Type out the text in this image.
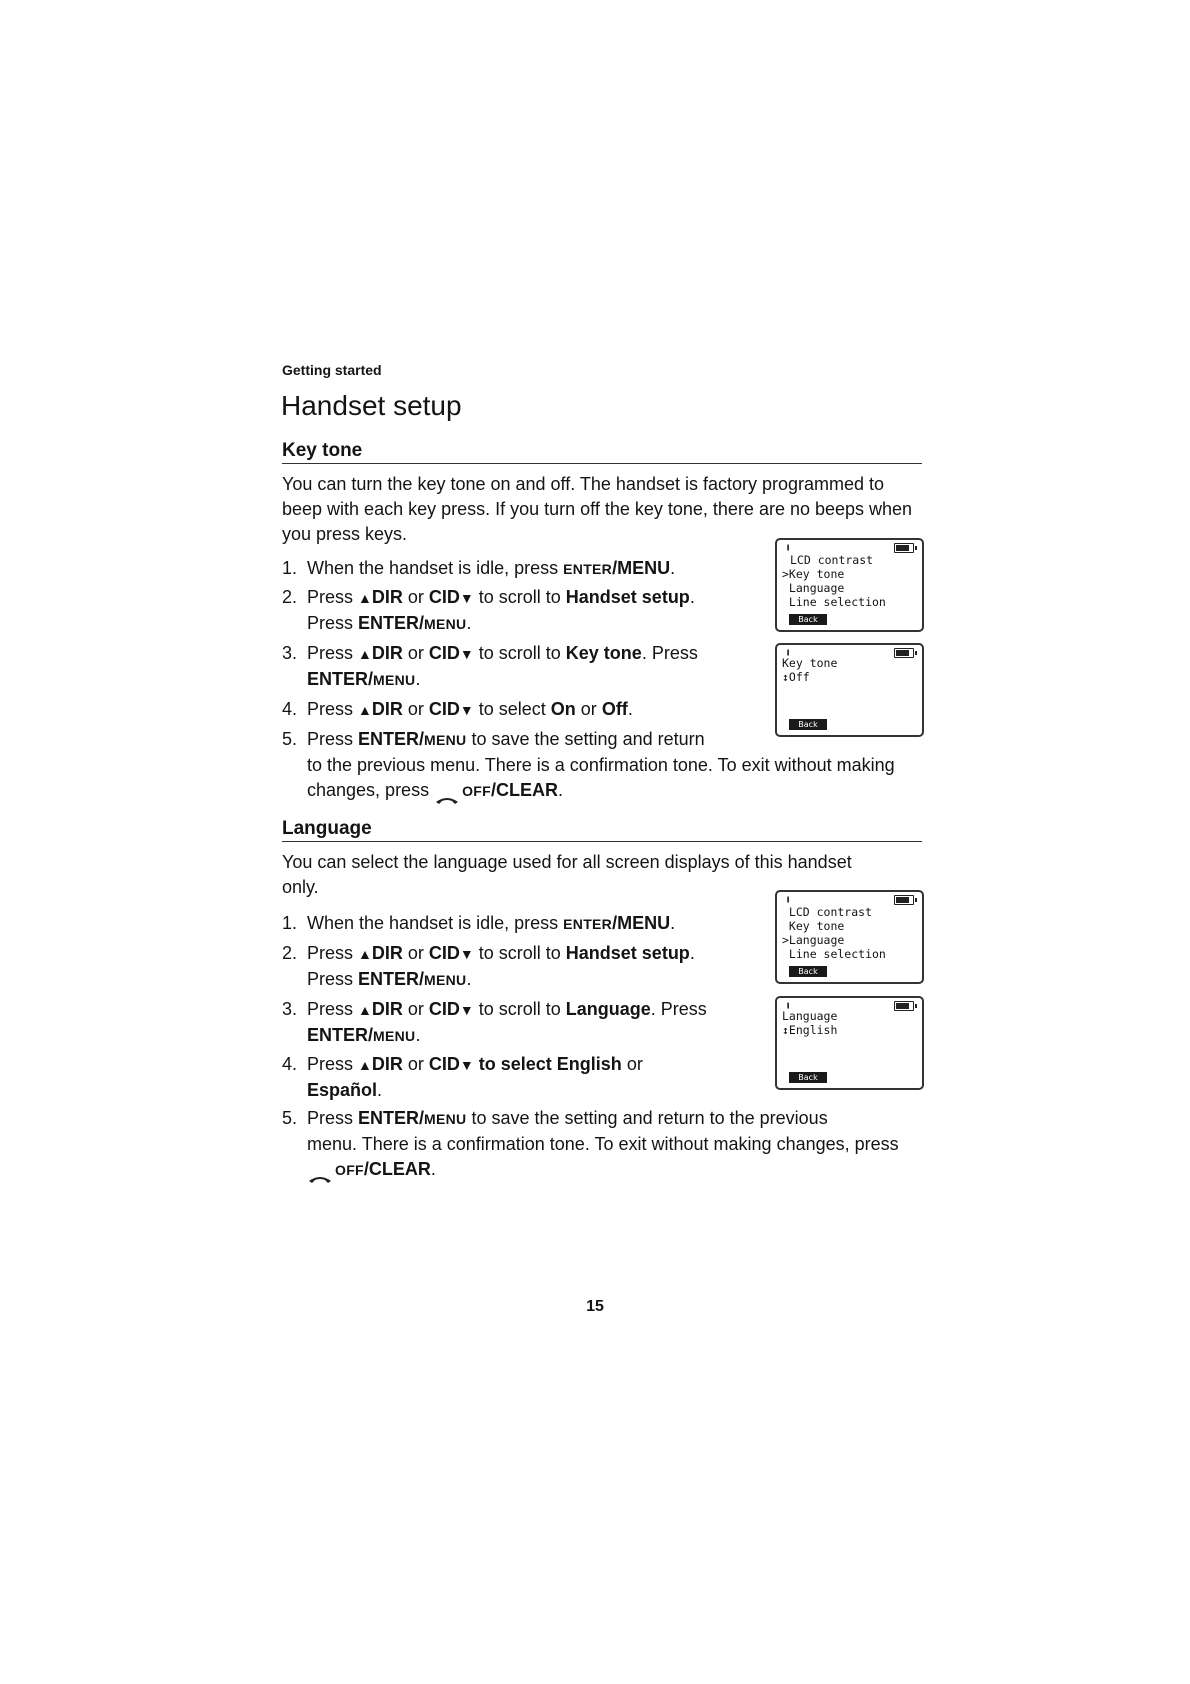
Getting started
Handset setup
Key tone

You can turn the key tone on and off. The handset is factory programmed to beep with each key press. If you turn off the key tone, there are no beeps when you press keys.

1. When the handset is idle, press ENTER/MENU.
2. Press ▲DIR or CID▼ to scroll to Handset setup.
Press ENTER/MENU.
3. Press ▲DIR or CID▼ to scroll to Key tone. Press
ENTER/MENU.
4. Press ▲DIR or CID▼ to select On or Off.
5. Press ENTER/MENU to save the setting and return
to the previous menu. There is a confirmation tone. To exit without making changes, press OFF/CLEAR.
╻
LCD contrast
>Key tone
Language
Line selection
Back
╻
Key tone
↕Off
Back
Language

You can select the language used for all screen displays of this handset only.

1. When the handset is idle, press ENTER/MENU.
2. Press ▲DIR or CID▼ to scroll to Handset setup.
Press ENTER/MENU.
3. Press ▲DIR or CID▼ to scroll to Language. Press
ENTER/MENU.
4. Press ▲DIR or CID▼ to select English or
Español.
5. Press ENTER/MENU to save the setting and return to the previous
menu. There is a confirmation tone. To exit without making changes, press OFF/CLEAR.
╻
LCD contrast
Key tone
>Language
Line selection
Back
╻
Language
↕English
Back
15
